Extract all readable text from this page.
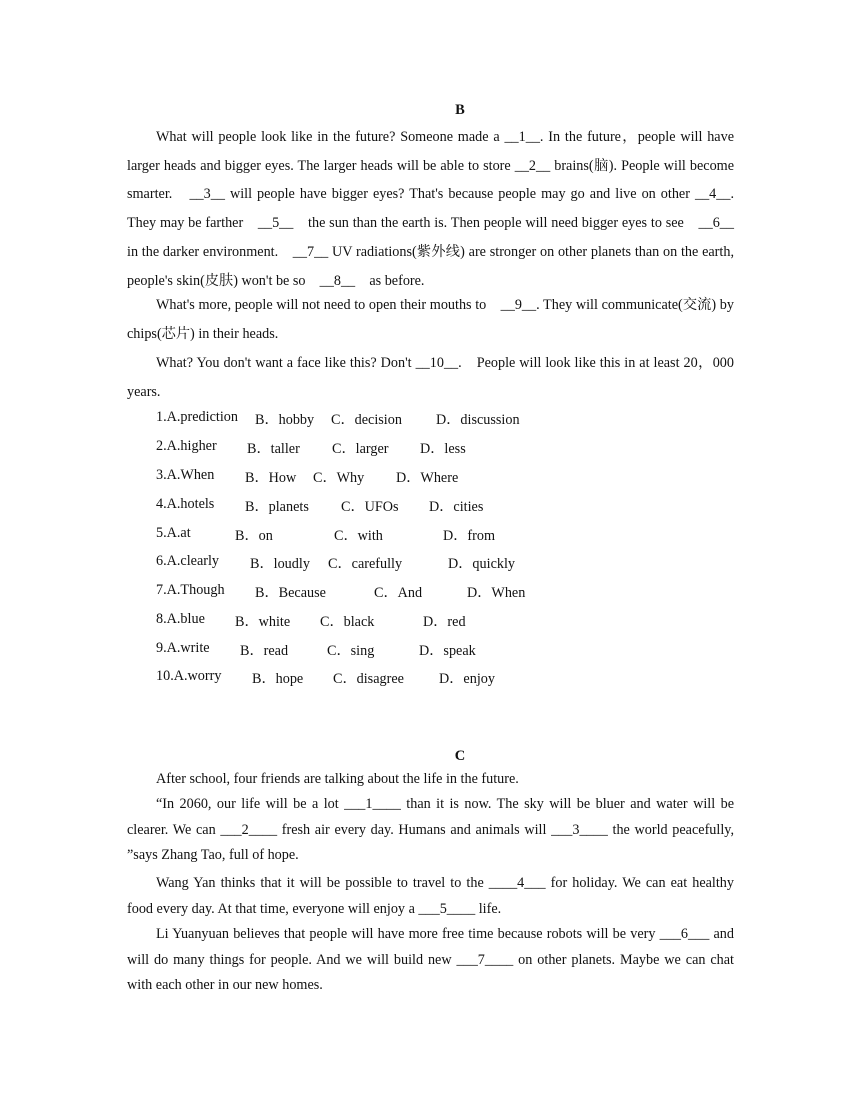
B

What will people look like in the future? Someone made a __1__. In the future，people will have larger heads and bigger eyes. The larger heads will be able to store __2__ brains(脑). People will become smarter.　__3__ will people have bigger eyes? That's because people may go and live on other __4__.　They may be farther　__5__　the sun than the earth is. Then people will need bigger eyes to see　__6__　in the darker environment.　__7__ UV radiations(紫外线) are stronger on other planets than on the earth, people's skin(皮肤) won't be so　__8__　as before.

What's more, people will not need to open their mouths to　__9__. They will communicate(交流) by chips(芯片) in their heads.

What? You don't want a face like this? Don't __10__.　People will look like this in at least 20，000 years.

1.A.prediction B．hobby C．decision D．discussion
2.A.higher B．taller C．larger D．less
3.A.When B．How C．Why D．Where
4.A.hotels B．planets C．UFOs D．cities
5.A.at	B．on	C．with	D．from
6.A.clearly B．loudly C．carefully	D．quickly
7.A.Though B．Because	C．And	D．When
8.A.blue B．white C．black	D．red
9.A.write B．read	C．sing	D．speak
10.A.worry B．hope C．disagree D．enjoy
C

After school, four friends are talking about the life in the future.

“In 2060, our life will be a lot ___1____ than it is now. The sky will be bluer and water will be clearer. We can ___2____ fresh air every day. Humans and animals will ___3____ the world peacefully, ”says Zhang Tao, full of hope.

Wang Yan thinks that it will be possible to travel to the ____4___ for holiday. We can eat healthy food every day. At that time, everyone will enjoy a ___5____ life.

Li Yuanyuan believes that people will have more free time because robots will be very ___6___ and will do many things for people. And we will build new ___7____ on other planets. Maybe we can chat with each other in our new homes.
